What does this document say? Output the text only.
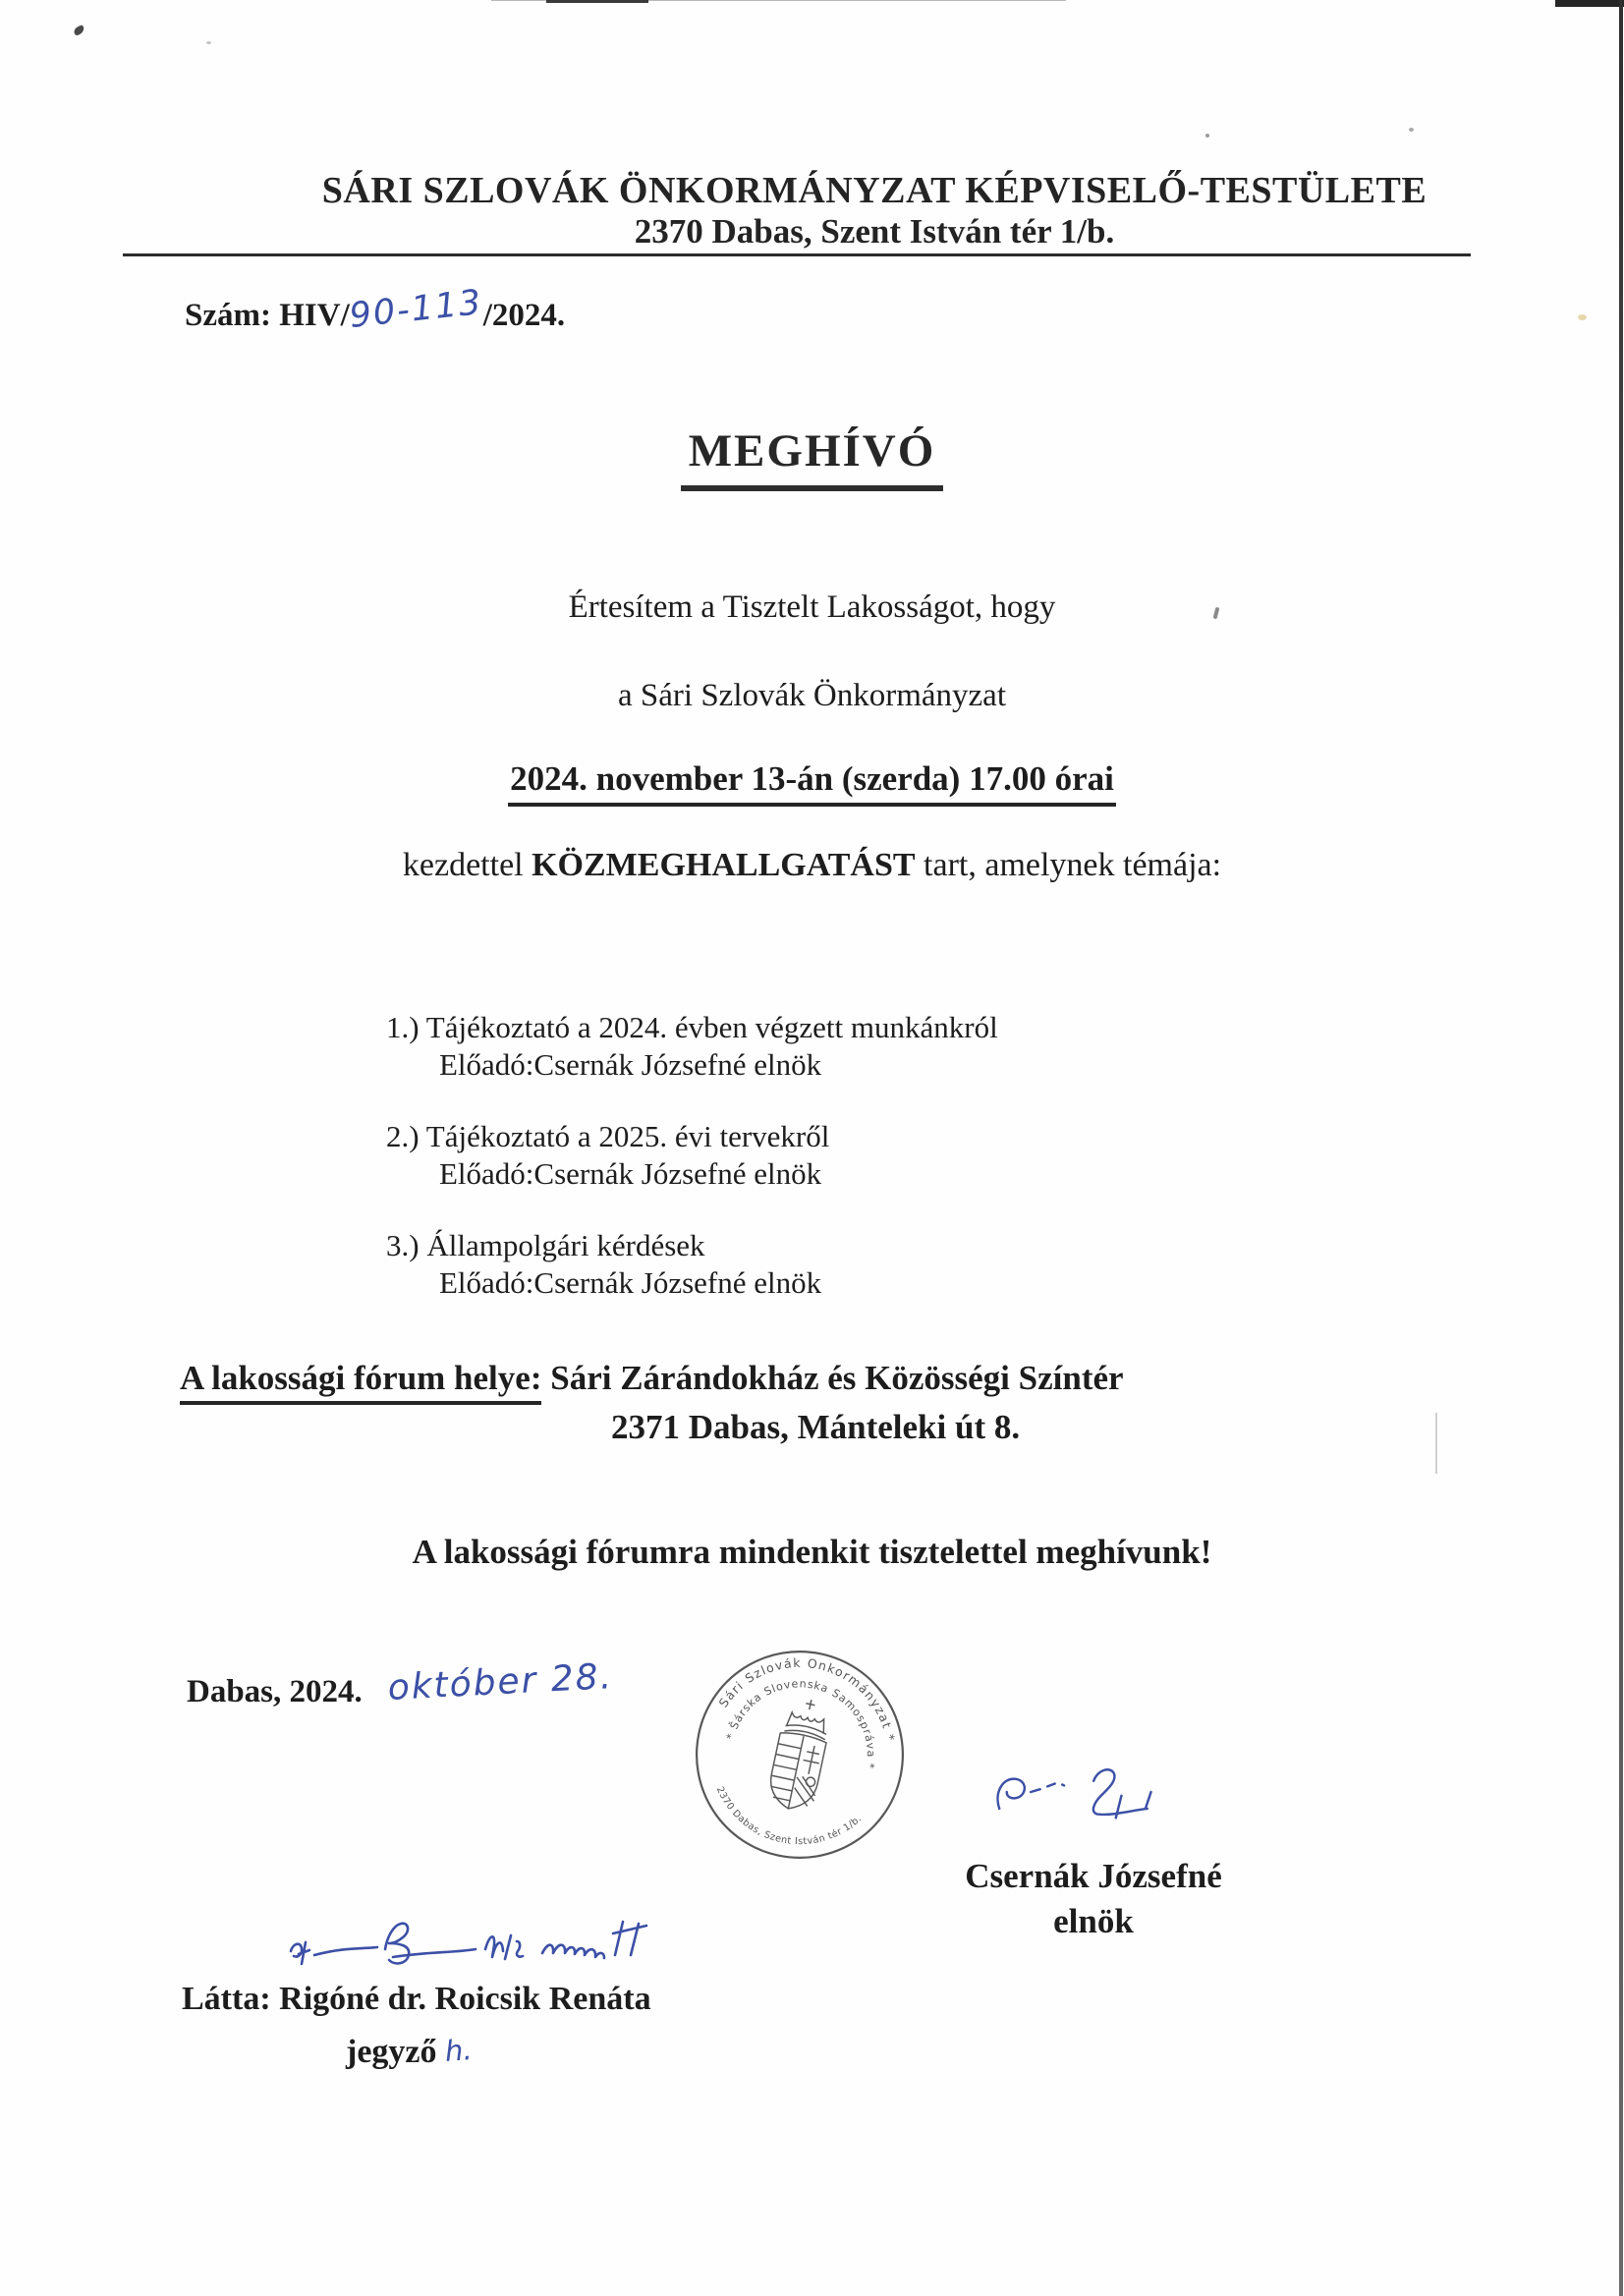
SÁRI SZLOVÁK ÖNKORMÁNYZAT KÉPVISELŐ-TESTÜLETE
2370 Dabas, Szent István tér 1/b.
Szám: HIV/90-113/2024.
MEGHÍVÓ
Értesítem a Tisztelt Lakosságot, hogy
a Sári Szlovák Önkormányzat
2024. november 13-án (szerda) 17.00 órai
kezdettel KÖZMEGHALLGATÁST tart, amelynek témája:
1.) Tájékoztató a 2024. évben végzett munkánkról
Előadó:Csernák Józsefné elnök
2.) Tájékoztató a 2025. évi tervekről
Előadó:Csernák Józsefné elnök
3.) Állampolgári kérdések
Előadó:Csernák Józsefné elnök
A lakossági fórum helye: Sári Zárándokház és Közösségi Színtér
2371 Dabas, Mánteleki út 8.
A lakossági fórumra mindenkit tisztelettel meghívunk!
Dabas, 2024. október 28.	Sári Szlovák Onkormányzat *
* Šárska Slovenska Samospráva *
2370 Dabas, Szent István tér 1/b.
Csernák Józsefné
elnök
Látta: Rigóné dr. Roicsik Renáta
jegyző h.
